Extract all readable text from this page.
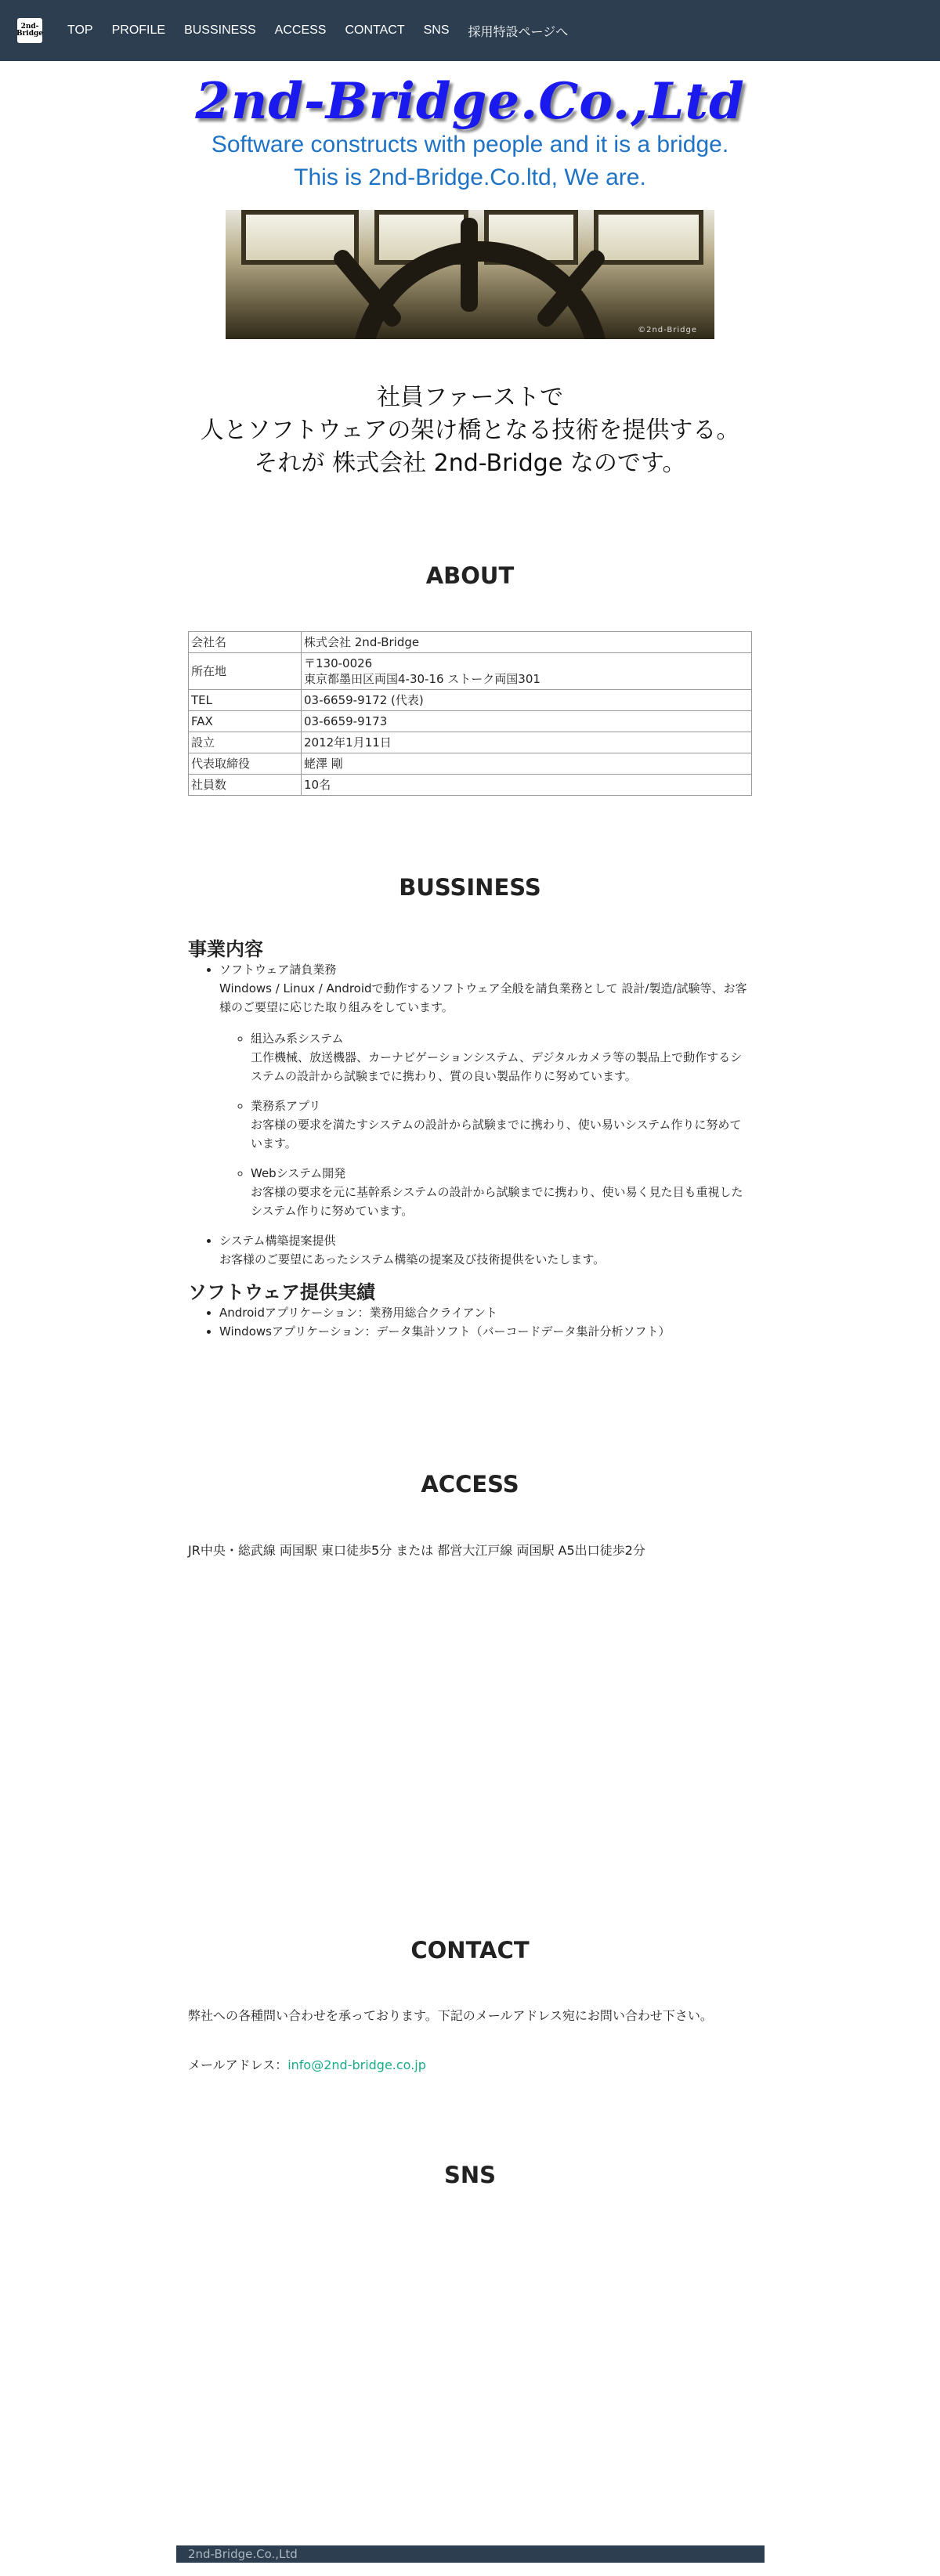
2nd-
Bridge TOP PROFILE BUSSINESS ACCESS CONTACT SNS 採用特設ページへ
2nd-Bridge.Co.,Ltd
Software constructs with people and it is a bridge.
This is 2nd-Bridge.Co.ltd, We are.
©2nd-Bridge
社員ファーストで
人とソフトウェアの架け橋となる技術を提供する。
それが 株式会社 2nd-Bridge なのです。
ABOUT
会社名	株式会社 2nd-Bridge
所在地	〒130-0026
東京都墨田区両国4-30-16 ストーク両国301

TEL	03-6659-9172 (代表)
FAX	03-6659-9173
設立	2012年1月11日
代表取締役	蛯澤 剛
社員数	10名
BUSSINESS
事業内容
• ソフトウェア請負業務
Windows / Linux / Androidで動作するソフトウェア全般を請負業務として 設計/製造/試験等、お客様のご要望に応じた取り組みをしています。
◦ 組込み系システム
工作機械、放送機器、カーナビゲーションシステム、デジタルカメラ等の製品上で動作するシステムの設計から試験までに携わり、質の良い製品作りに努めています。
◦ 業務系アプリ
お客様の要求を満たすシステムの設計から試験までに携わり、使い易いシステム作りに努めています。
◦ Webシステム開発
お客様の要求を元に基幹系システムの設計から試験までに携わり、使い易く見た目も重視したシステム作りに努めています。
• システム構築提案提供
お客様のご要望にあったシステム構築の提案及び技術提供をいたします。
ソフトウェア提供実績
• Androidアプリケーション：業務用総合クライアント
• Windowsアプリケーション：データ集計ソフト（バーコードデータ集計分析ソフト）
ACCESS
JR中央・総武線 両国駅 東口徒歩5分 または 都営大江戸線 両国駅 A5出口徒歩2分
CONTACT
弊社への各種問い合わせを承っております。下記のメールアドレス宛にお問い合わせ下さい。
メールアドレス：info@2nd-bridge.co.jp
SNS
2nd-Bridge.Co.,Ltd
